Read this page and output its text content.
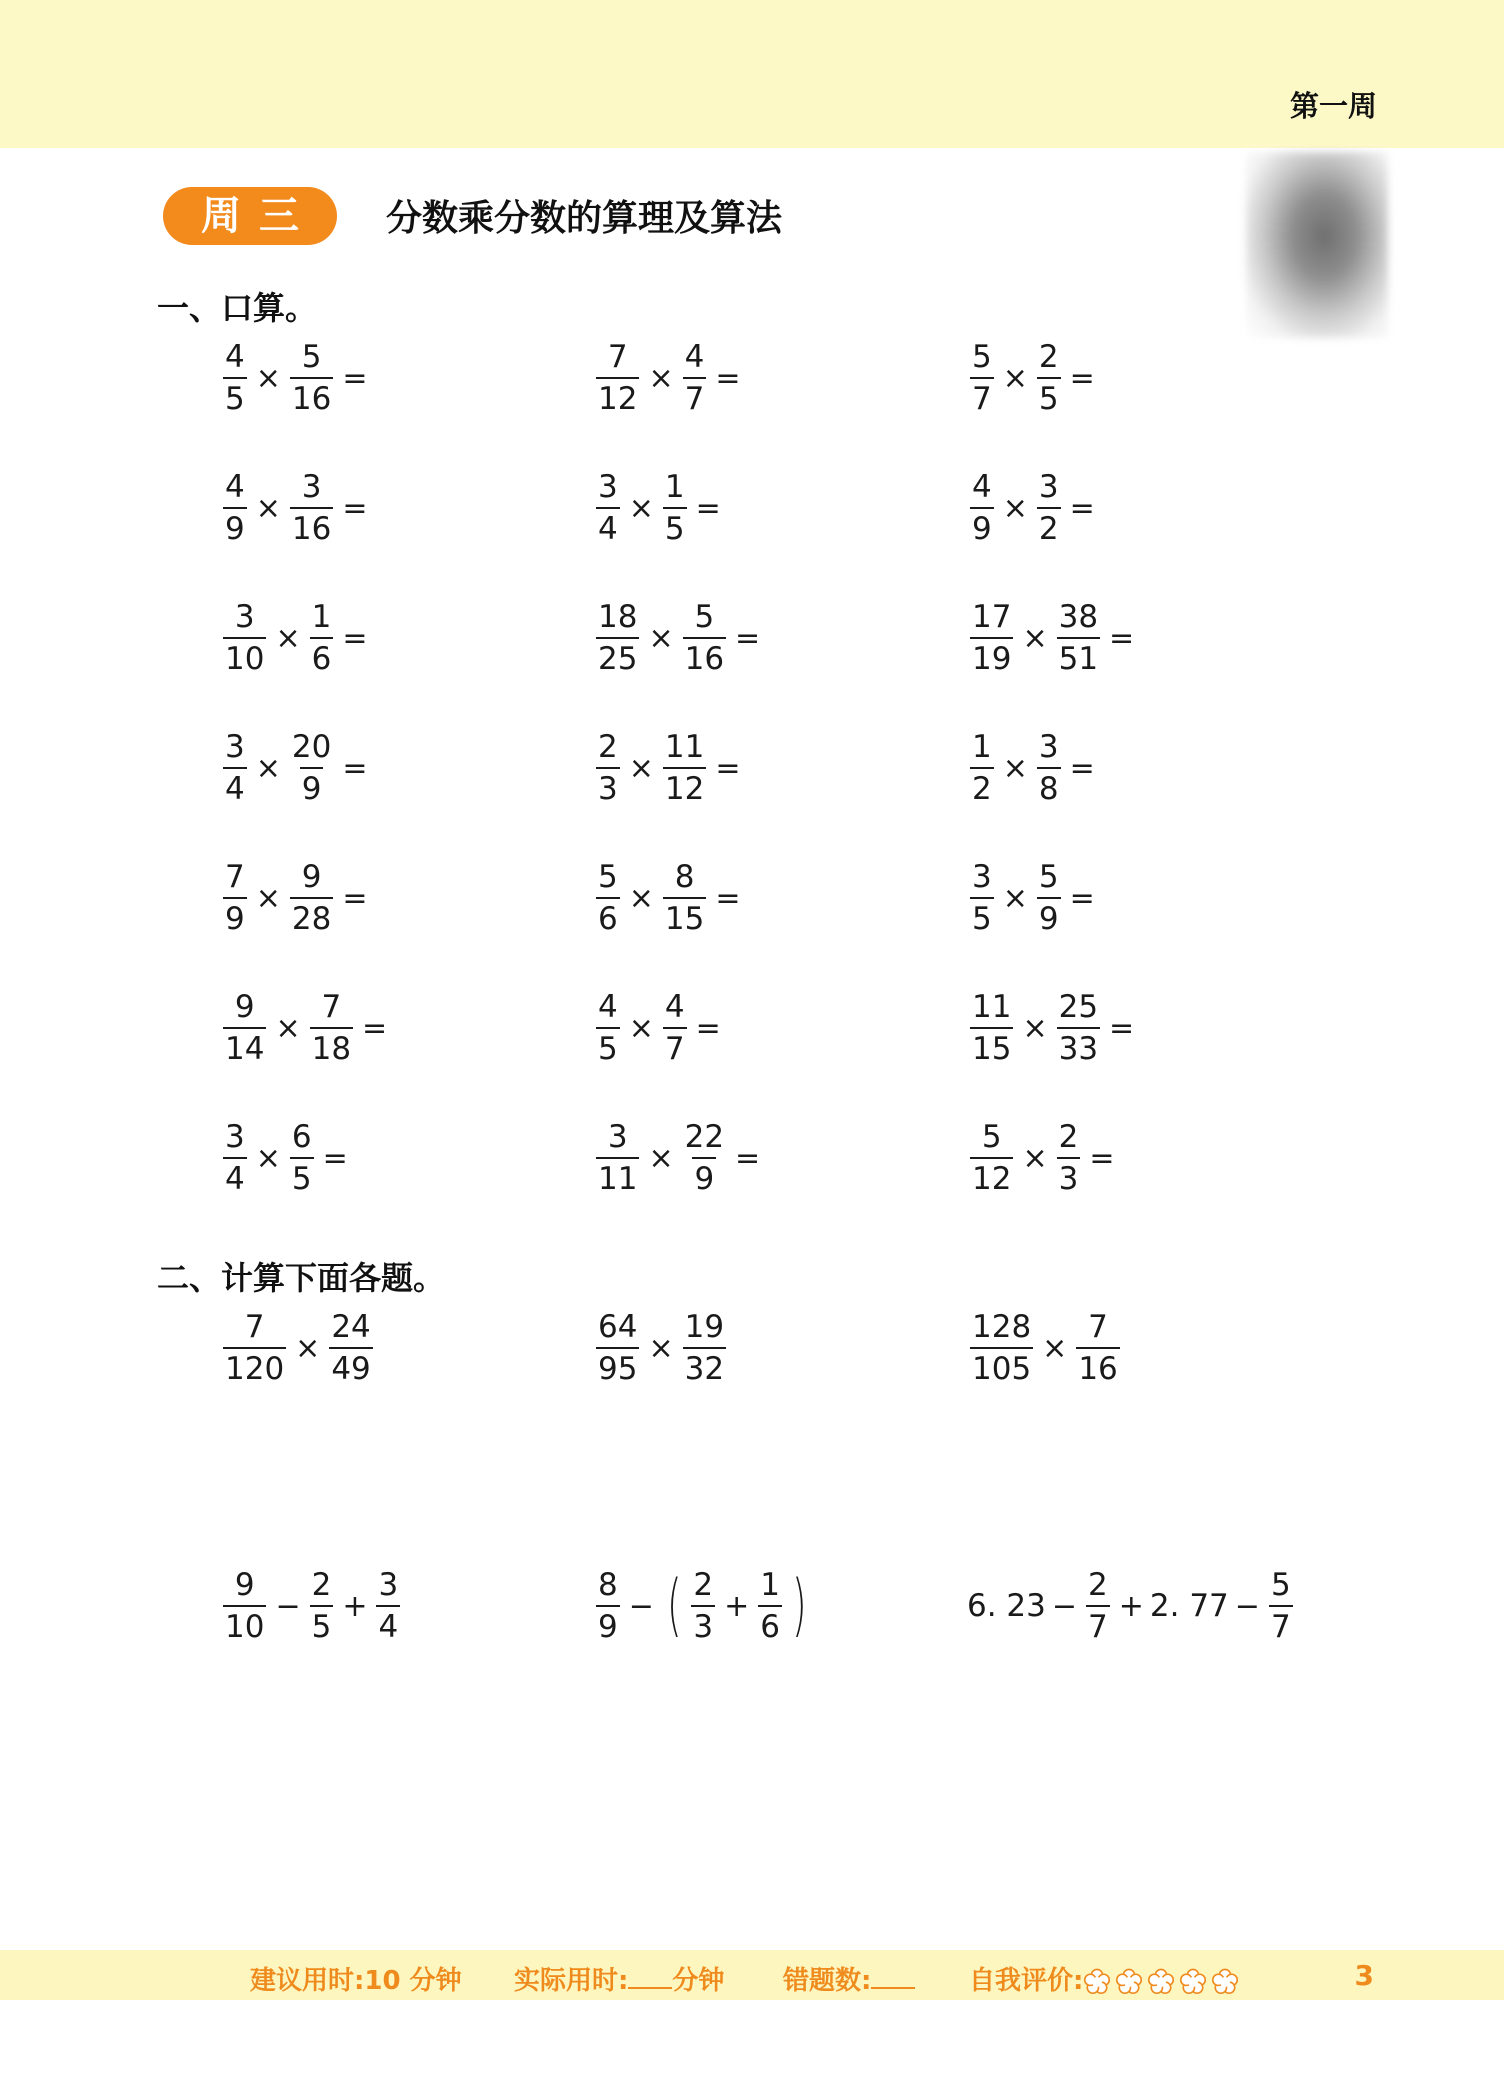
第一周
周三	分数乘分数的算理及算法
一、口算。
$\frac{4}{5} \times \frac{5}{16}$ =	$\frac{7}{12} \times \frac{4}{7}$ =	$\frac{5}{7} \times \frac{2}{5}$ =
$\frac{4}{9} \times \frac{3}{16}$ =	$\frac{3}{4} \times \frac{1}{5}$ =	$\frac{4}{9} \times \frac{3}{2}$ =
$\frac{3}{10} \times \frac{1}{6}$ =	$\frac{18}{25} \times \frac{5}{16}$ =	$\frac{17}{19} \times \frac{38}{51}$ =
$\frac{3}{4} \times \frac{20}{9}$ =	$\frac{2}{3} \times \frac{11}{12}$ =	$\frac{1}{2} \times \frac{3}{8}$ =
$\frac{7}{9} \times \frac{9}{28}$ =	$\frac{5}{6} \times \frac{8}{15}$ =	$\frac{3}{5} \times \frac{5}{9}$ =
$\frac{9}{14} \times \frac{7}{18}$ =	$\frac{4}{5} \times \frac{4}{7}$ =	$\frac{11}{15} \times \frac{25}{33}$ =
$\frac{3}{4} \times \frac{6}{5}$ =	$\frac{3}{11} \times \frac{22}{9}$ =	$\frac{5}{12} \times \frac{2}{3}$ =
二、计算下面各题。
$\frac{7}{120} \times \frac{24}{49}$	$\frac{64}{95} \times \frac{19}{32}$	$\frac{128}{105} \times \frac{7}{16}$
$\frac{9}{10} - \frac{2}{5} + \frac{3}{4}$	$\frac{8}{9}$ − ( $\frac{2}{3} + \frac{1}{6}$ )	6. $23 - \frac{2}{7} + 2$. $77 - \frac{5}{7}$
建议用时:10 分钟 实际用时: 分钟 错题数:	自我评价:	3
